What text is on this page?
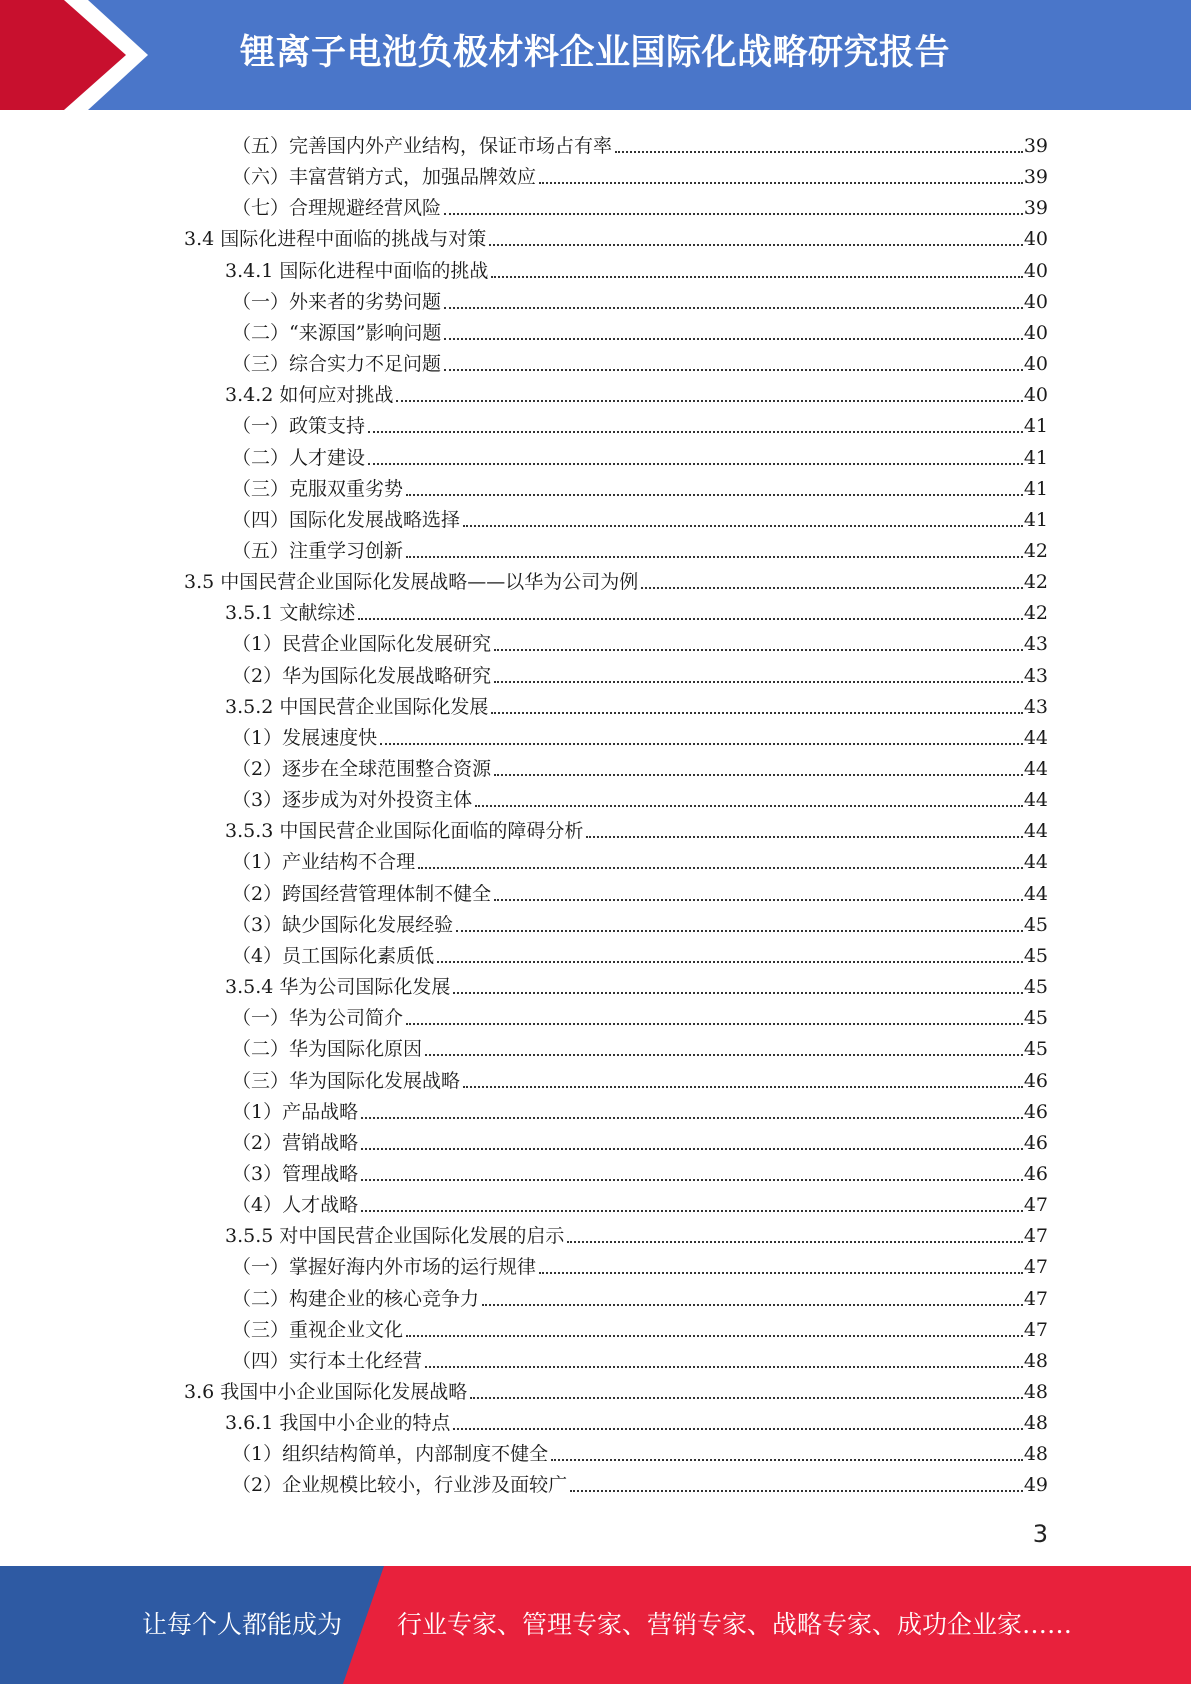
锂离子电池负极材料企业国际化战略研究报告
（五）完善国内外产业结构，保证市场占有率	39
（六）丰富营销方式，加强品牌效应	39
（七）合理规避经营风险	39
3.4 国际化进程中面临的挑战与对策	40
3.4.1 国际化进程中面临的挑战	40
（一）外来者的劣势问题	40
（二）“来源国”影响问题	40
（三）综合实力不足问题	40
3.4.2 如何应对挑战	40
（一）政策支持	41
（二）人才建设	41
（三）克服双重劣势	41
（四）国际化发展战略选择	41
（五）注重学习创新	42
3.5 中国民营企业国际化发展战略——以华为公司为例	42
3.5.1 文献综述	42
（1）民营企业国际化发展研究	43
（2）华为国际化发展战略研究	43
3.5.2 中国民营企业国际化发展	43
（1）发展速度快	44
（2）逐步在全球范围整合资源	44
（3）逐步成为对外投资主体	44
3.5.3 中国民营企业国际化面临的障碍分析	44
（1）产业结构不合理	44
（2）跨国经营管理体制不健全	44
（3）缺少国际化发展经验	45
（4）员工国际化素质低	45
3.5.4 华为公司国际化发展	45
（一）华为公司简介	45
（二）华为国际化原因	45
（三）华为国际化发展战略	46
（1）产品战略	46
（2）营销战略	46
（3）管理战略	46
（4）人才战略	47
3.5.5 对中国民营企业国际化发展的启示	47
（一）掌握好海内外市场的运行规律	47
（二）构建企业的核心竞争力	47
（三）重视企业文化	47
（四）实行本土化经营	48
3.6 我国中小企业国际化发展战略	48
3.6.1 我国中小企业的特点	48
（1）组织结构简单，内部制度不健全	48
（2）企业规模比较小，行业涉及面较广	49
3
让每个人都能成为 行业专家、管理专家、营销专家、战略专家、成功企业家……
